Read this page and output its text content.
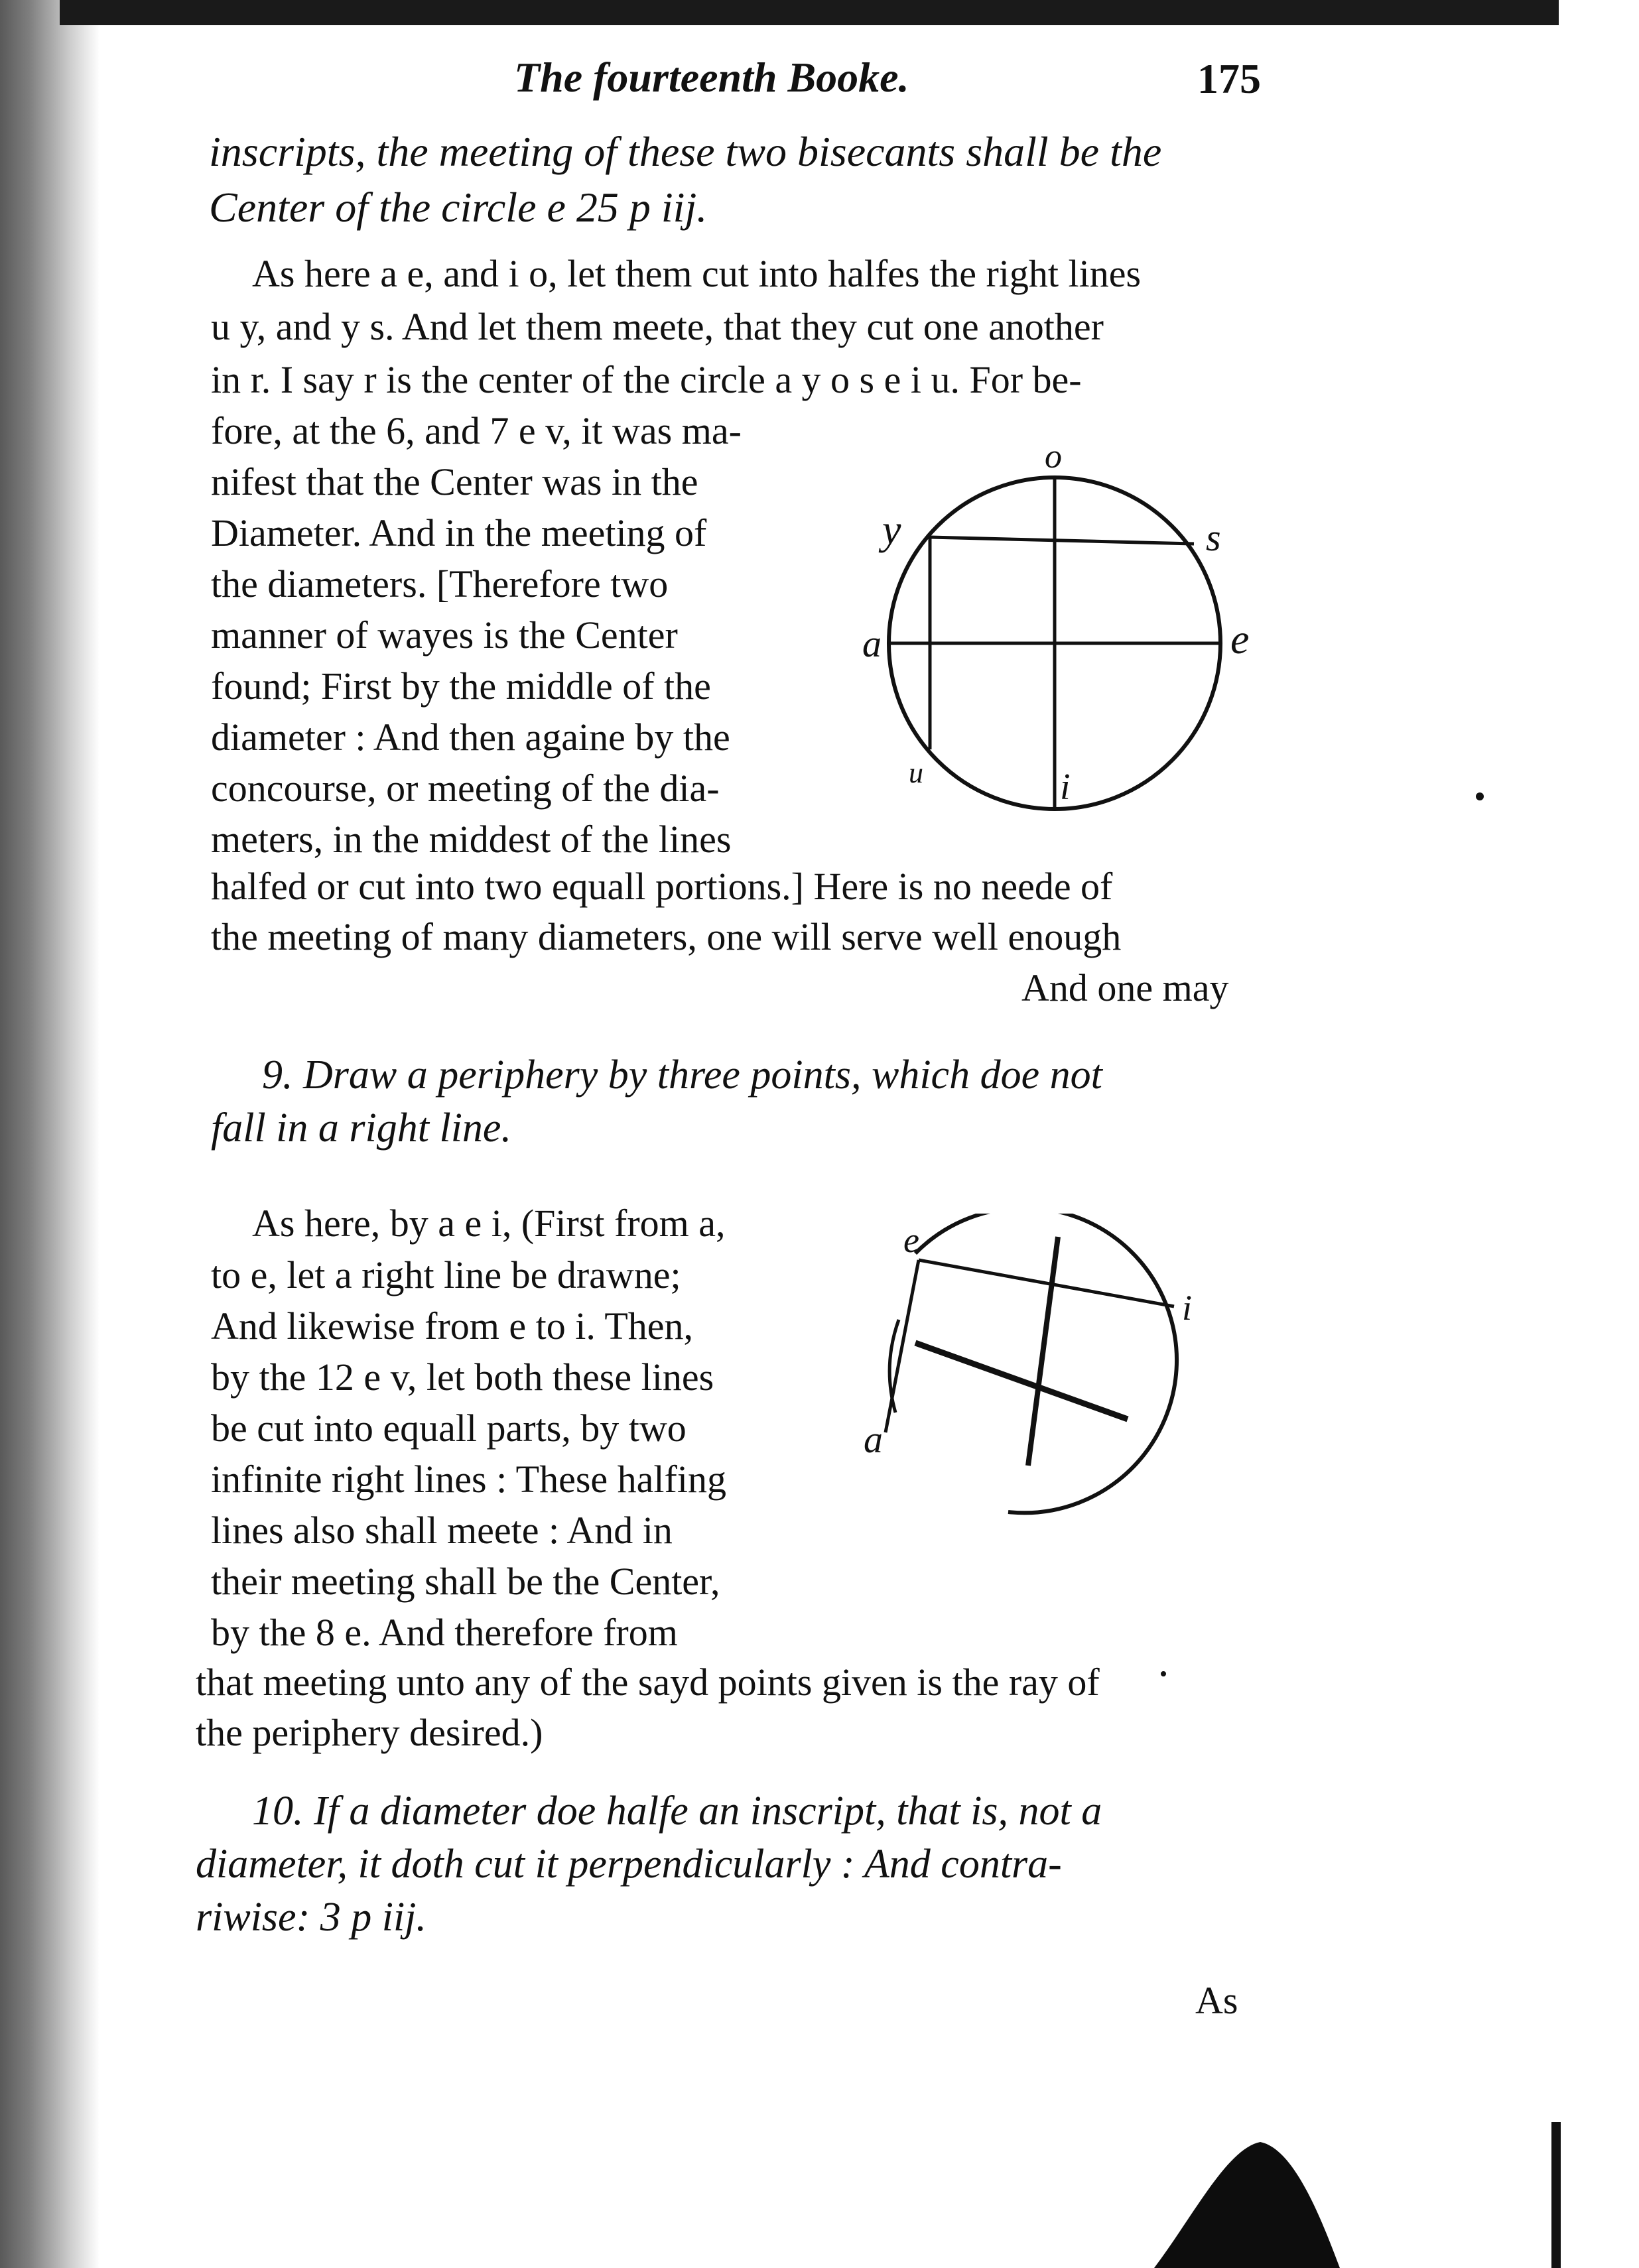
The fourteenth Booke.	175
inscripts, the meeting of these two bisecants shall be the
Center of the circle e 25 p iij.
As here a e, and i o, let them cut into halfes the right lines
u y, and y s. And let them meete, that they cut one another
in r. I say r is the center of the circle a y o s e i u. For be-
fore, at the 6, and 7 e v, it was ma-
nifest that the Center was in the
Diameter. And in the meeting of
the diameters. [Therefore two
manner of wayes is the Center
found; First by the middle of the
diameter : And then againe by the
concourse, or meeting of the dia-
meters, in the middest of the lines
halfed or cut into two equall portions.] Here is no neede of
the meeting of many diameters, one will serve well enough
And one may
o
y	s
a	e
u	i
9. Draw a periphery by three points, which doe not
fall in a right line.
As here, by a e i, (First from a,
to e, let a right line be drawne;
And likewise from e to i. Then,
by the 12 e v, let both these lines
be cut into equall parts, by two
infinite right lines : These halfing
lines also shall meete : And in
their meeting shall be the Center,
by the 8 e. And therefore from
that meeting unto any of the sayd points given is the ray of
the periphery desired.)
e
i
a
10. If a diameter doe halfe an inscript, that is, not a
diameter, it doth cut it perpendicularly : And contra-
riwise: 3 p iij.
As
